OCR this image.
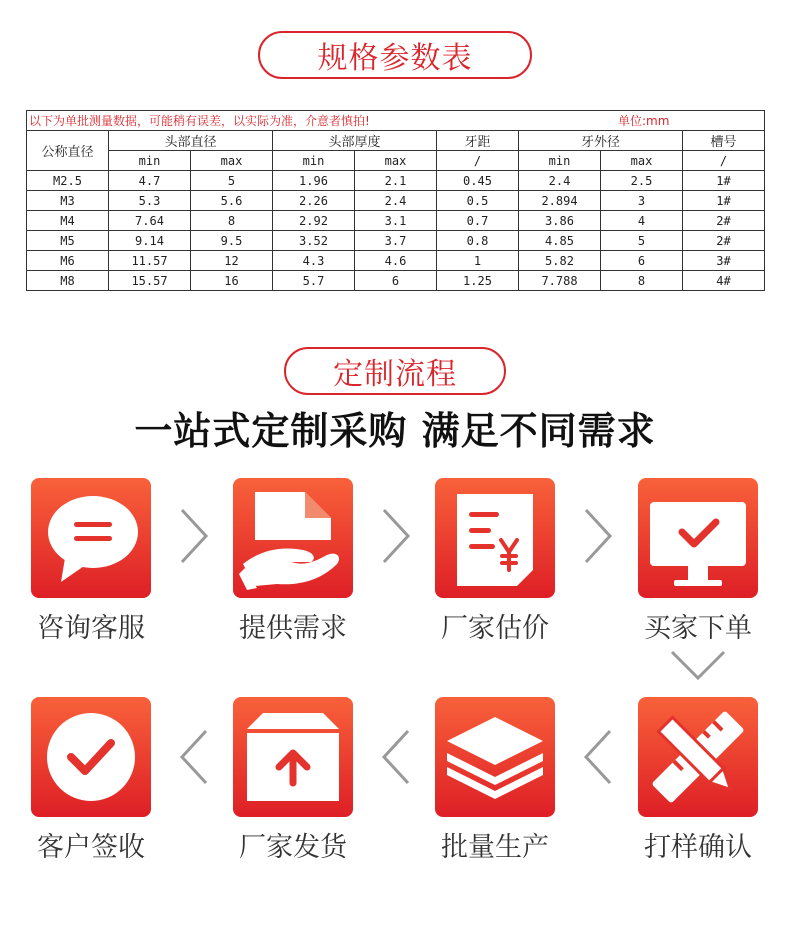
规格参数表
以下为单批测量数据，可能稍有误差，以实际为准，介意者慎拍! 单位:mm								

公称直径	头部直径		头部厚度		牙距	牙外径		槽号
	min	max	min	max	/	min	max	/
M2.5	4.7	5	1.96	2.1	0.45	2.4	2.5	1#
M3	5.3	5.6	2.26	2.4	0.5	2.894	3	1#
M4	7.64	8	2.92	3.1	0.7	3.86	4	2#
M5	9.14	9.5	3.52	3.7	0.8	4.85	5	2#
M6	11.57	12	4.3	4.6	1	5.82	6	3#
M8	15.57	16	5.7	6	1.25	7.788	8	4#
定制流程
一站式定制采购 满足不同需求
咨询客服	提供需求	厂家估价	买家下单
打样确认
批量生产
厂家发货
客户签收
